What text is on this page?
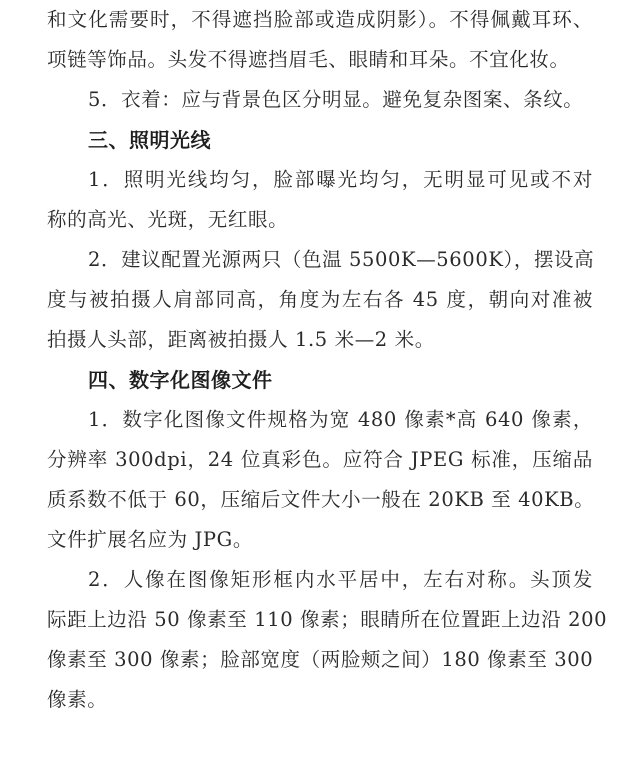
和文化需要时，不得遮挡脸部或造成阴影）。不得佩戴耳环、
项链等饰品。头发不得遮挡眉毛、眼睛和耳朵。不宜化妆。
5．衣着：应与背景色区分明显。避免复杂图案、条纹。
三、照明光线
1．照明光线均匀，脸部曝光均匀，无明显可见或不对
称的高光、光斑，无红眼。
2．建议配置光源两只（色温 5500K—5600K），摆设高
度与被拍摄人肩部同高，角度为左右各 45 度，朝向对准被
拍摄人头部，距离被拍摄人 1.5 米—2 米。
四、数字化图像文件
1．数字化图像文件规格为宽 480 像素*高 640 像素，
分辨率 300dpi，24 位真彩色。应符合 JPEG 标准，压缩品
质系数不低于 60，压缩后文件大小一般在 20KB 至 40KB。
文件扩展名应为 JPG。
2．人像在图像矩形框内水平居中，左右对称。头顶发
际距上边沿 50 像素至 110 像素；眼睛所在位置距上边沿 200
像素至 300 像素；脸部宽度（两脸颊之间）180 像素至 300
像素。
